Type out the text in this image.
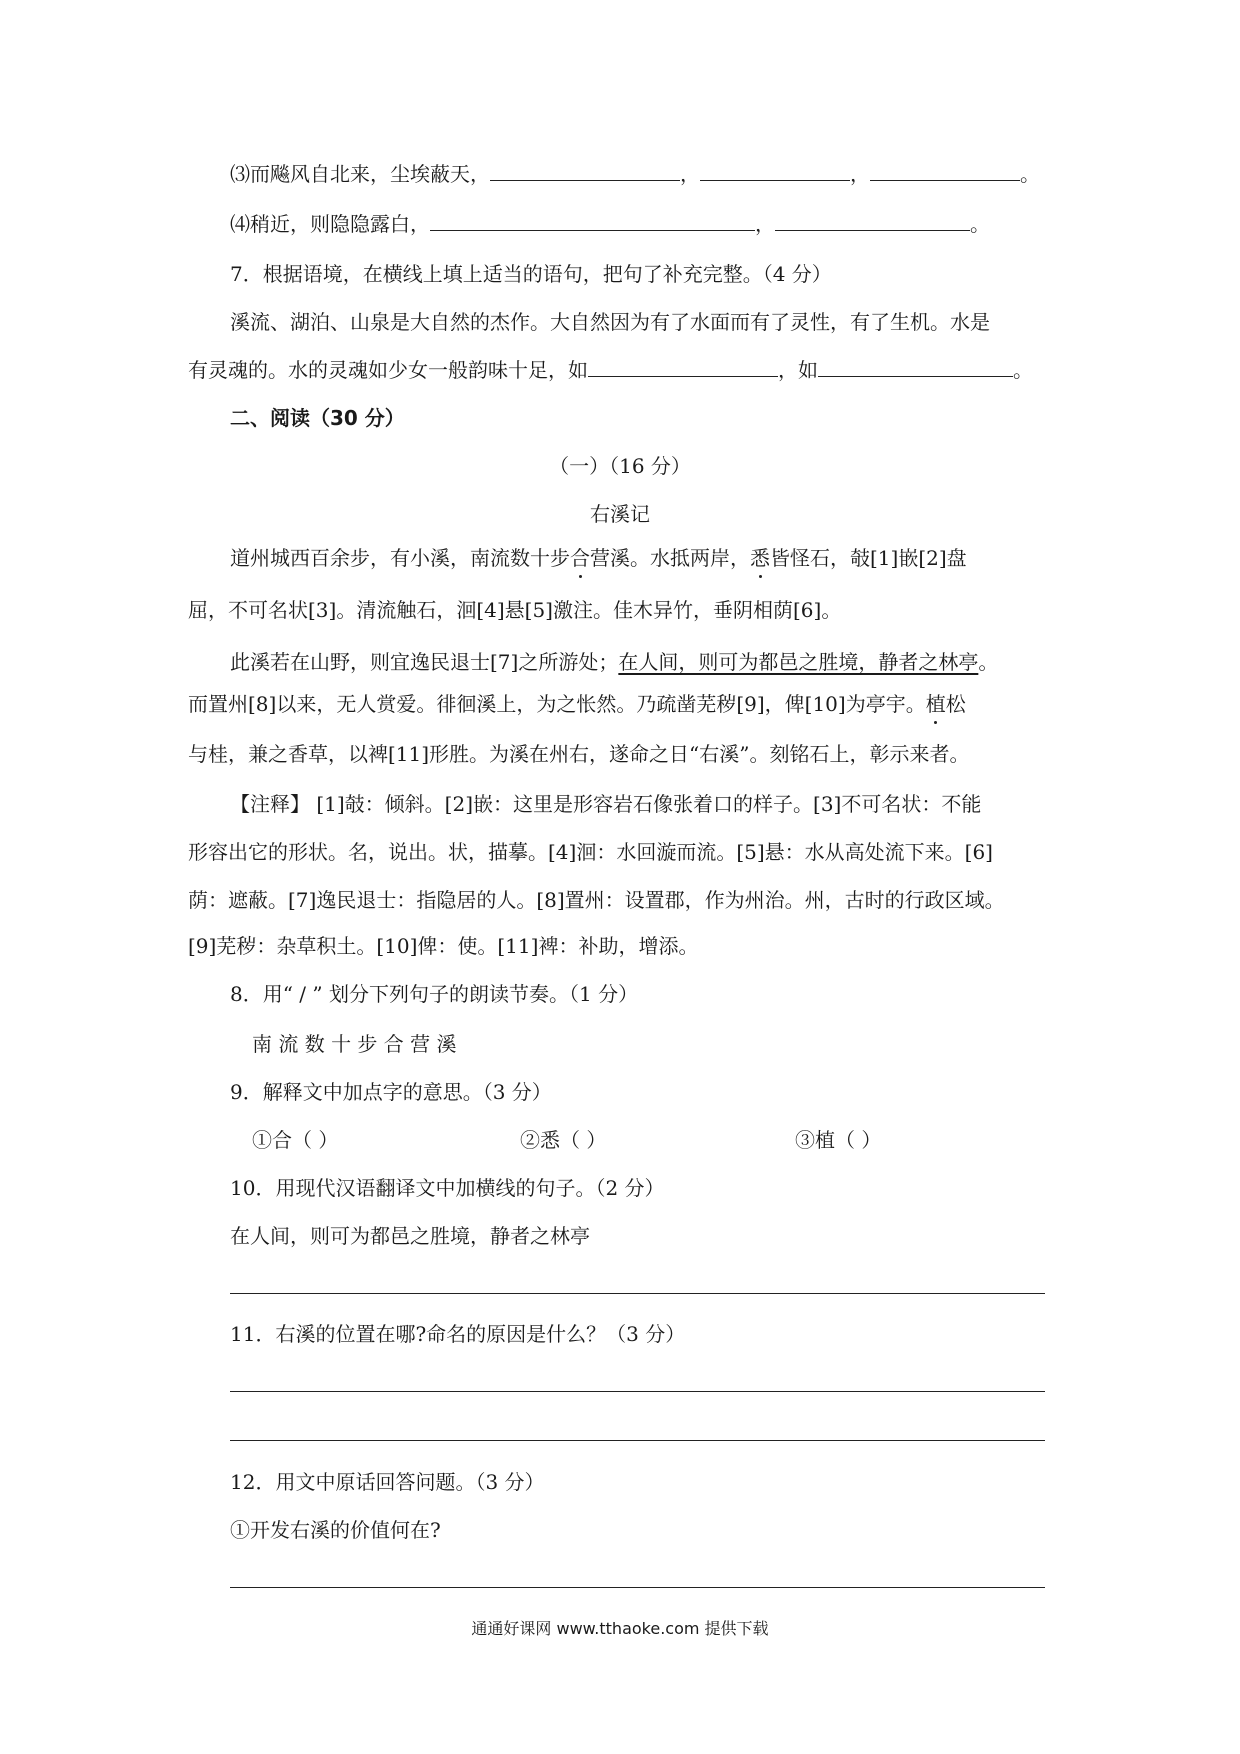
⑶而飚风自北来，尘埃蔽天，	，	，	。
⑷稍近，则隐隐露白，	，	。
7．根据语境，在横线上填上适当的语句，把句了补充完整。（4 分）
溪流、湖泊、山泉是大自然的杰作。大自然因为有了水面而有了灵性，有了生机。水是
有灵魂的。水的灵魂如少女一般韵味十足，如	，如	。
二、阅读（30 分）
（一）（16 分）
右溪记
道州城西百余步，有小溪，南流数十步合营溪。水抵两岸，悉皆怪石，攲[1]嵌[2]盘
屈，不可名状[3]。清流触石，洄[4]悬[5]激注。佳木异竹，垂阴相荫[6]。
此溪若在山野，则宜逸民退士[7]之所游处；在人间，则可为都邑之胜境，静者之林亭。
而置州[8]以来，无人赏爱。徘徊溪上，为之怅然。乃疏凿芜秽[9]，俾[10]为亭宇。植松
与桂，兼之香草，以裨[11]形胜。为溪在州右，遂命之日“右溪”。刻铭石上，彰示来者。
【注释】 [1]攲：倾斜。[2]嵌：这里是形容岩石像张着口的样子。[3]不可名状：不能
形容出它的形状。名，说出。状，描摹。[4]洄：水回漩而流。[5]悬：水从高处流下来。[6]
荫：遮蔽。[7]逸民退士：指隐居的人。[8]置州：设置郡，作为州治。州，古时的行政区域。
[9]芜秽：杂草积土。[10]俾：使。[11]裨：补助，增添。
8．用“ / ” 划分下列句子的朗读节奏。（1 分）
南 流 数 十 步 合 营 溪
9．解释文中加点字的意思。（3 分）
①合（ ）	②悉（ ）	③植（ ）
10．用现代汉语翻译文中加横线的句子。（2 分）
在人间，则可为都邑之胜境，静者之林亭
11．右溪的位置在哪?命名的原因是什么？（3 分）
12．用文中原话回答问题。（3 分）
①开发右溪的价值何在?
通通好课网 www.tthaoke.com 提供下载
